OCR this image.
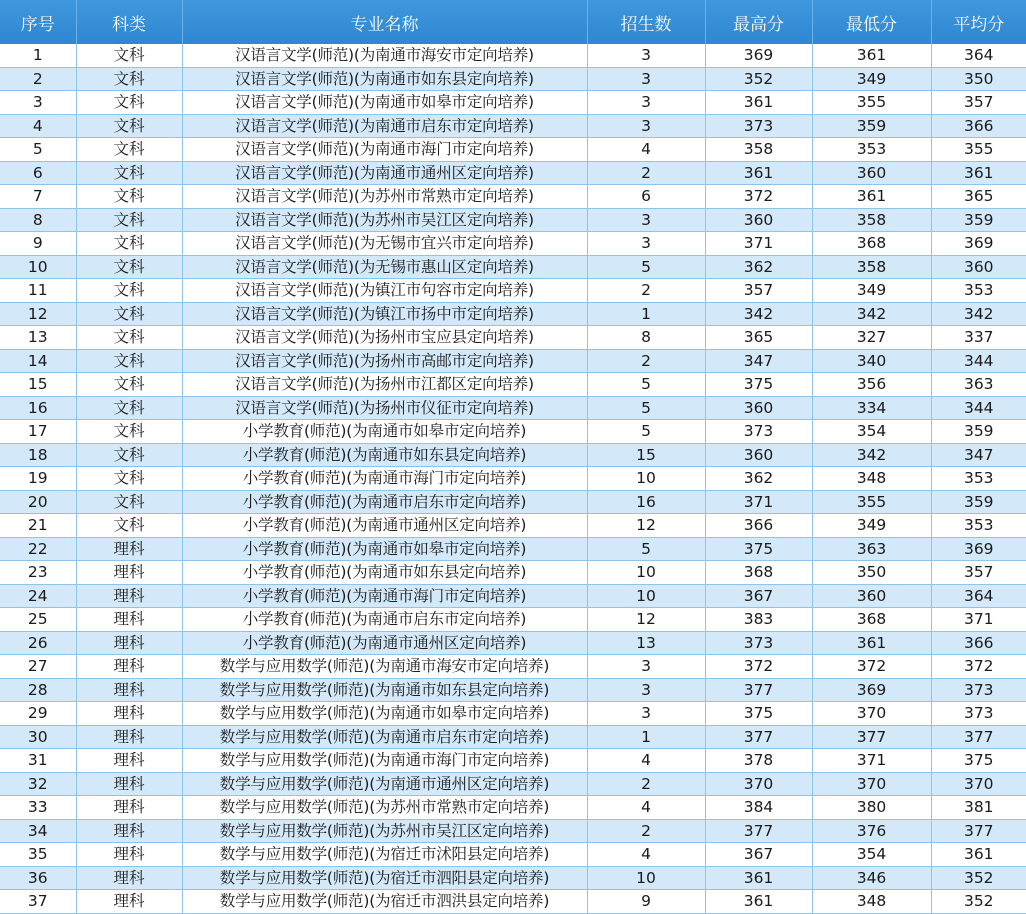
序号	科类	专业名称	招生数	最高分	最低分	平均分
1	文科	汉语言文学(师范)(为南通市海安市定向培养)	3	369	361	364
2	文科	汉语言文学(师范)(为南通市如东县定向培养)	3	352	349	350
3	文科	汉语言文学(师范)(为南通市如皋市定向培养)	3	361	355	357
4	文科	汉语言文学(师范)(为南通市启东市定向培养)	3	373	359	366
5	文科	汉语言文学(师范)(为南通市海门市定向培养)	4	358	353	355
6	文科	汉语言文学(师范)(为南通市通州区定向培养)	2	361	360	361
7	文科	汉语言文学(师范)(为苏州市常熟市定向培养)	6	372	361	365
8	文科	汉语言文学(师范)(为苏州市吴江区定向培养)	3	360	358	359
9	文科	汉语言文学(师范)(为无锡市宜兴市定向培养)	3	371	368	369
10	文科	汉语言文学(师范)(为无锡市惠山区定向培养)	5	362	358	360
11	文科	汉语言文学(师范)(为镇江市句容市定向培养)	2	357	349	353
12	文科	汉语言文学(师范)(为镇江市扬中市定向培养)	1	342	342	342
13	文科	汉语言文学(师范)(为扬州市宝应县定向培养)	8	365	327	337
14	文科	汉语言文学(师范)(为扬州市高邮市定向培养)	2	347	340	344
15	文科	汉语言文学(师范)(为扬州市江都区定向培养)	5	375	356	363
16	文科	汉语言文学(师范)(为扬州市仪征市定向培养)	5	360	334	344
17	文科	小学教育(师范)(为南通市如皋市定向培养)	5	373	354	359
18	文科	小学教育(师范)(为南通市如东县定向培养)	15	360	342	347
19	文科	小学教育(师范)(为南通市海门市定向培养)	10	362	348	353
20	文科	小学教育(师范)(为南通市启东市定向培养)	16	371	355	359
21	文科	小学教育(师范)(为南通市通州区定向培养)	12	366	349	353
22	理科	小学教育(师范)(为南通市如皋市定向培养)	5	375	363	369
23	理科	小学教育(师范)(为南通市如东县定向培养)	10	368	350	357
24	理科	小学教育(师范)(为南通市海门市定向培养)	10	367	360	364
25	理科	小学教育(师范)(为南通市启东市定向培养)	12	383	368	371
26	理科	小学教育(师范)(为南通市通州区定向培养)	13	373	361	366
27	理科	数学与应用数学(师范)(为南通市海安市定向培养)	3	372	372	372
28	理科	数学与应用数学(师范)(为南通市如东县定向培养)	3	377	369	373
29	理科	数学与应用数学(师范)(为南通市如皋市定向培养)	3	375	370	373
30	理科	数学与应用数学(师范)(为南通市启东市定向培养)	1	377	377	377
31	理科	数学与应用数学(师范)(为南通市海门市定向培养)	4	378	371	375
32	理科	数学与应用数学(师范)(为南通市通州区定向培养)	2	370	370	370
33	理科	数学与应用数学(师范)(为苏州市常熟市定向培养)	4	384	380	381
34	理科	数学与应用数学(师范)(为苏州市吴江区定向培养)	2	377	376	377
35	理科	数学与应用数学(师范)(为宿迁市沭阳县定向培养)	4	367	354	361
36	理科	数学与应用数学(师范)(为宿迁市泗阳县定向培养)	10	361	346	352
37	理科	数学与应用数学(师范)(为宿迁市泗洪县定向培养)	9	361	348	352
